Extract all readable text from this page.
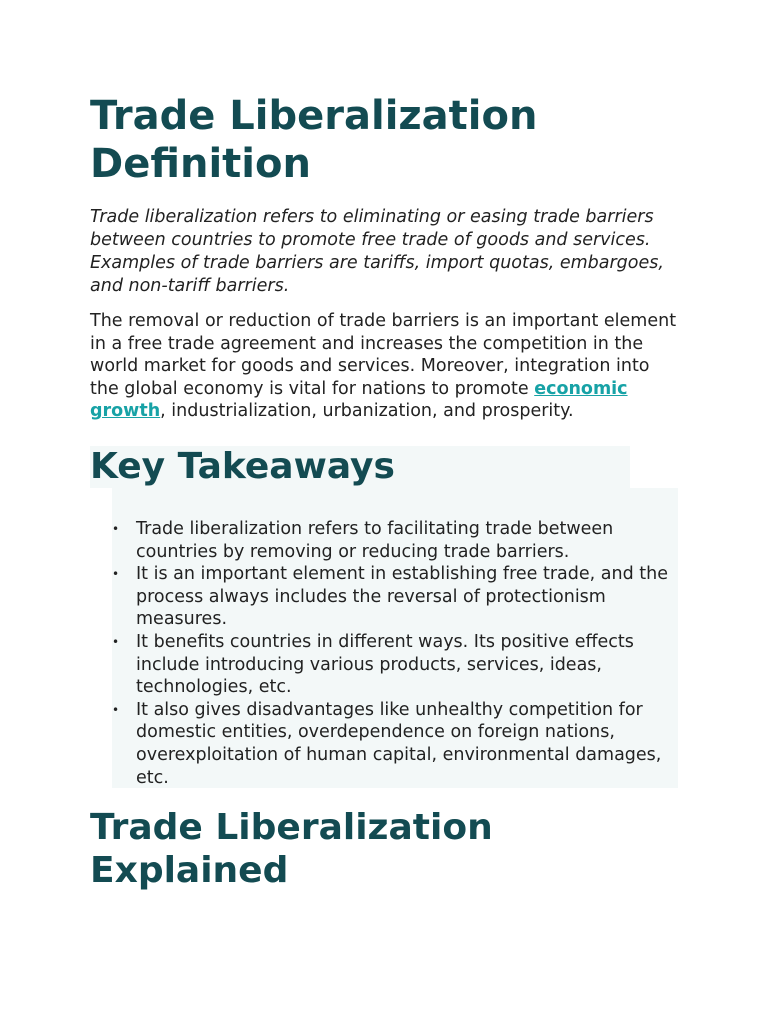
Trade Liberalization
Definition

Trade liberalization refers to eliminating or easing trade barriers between countries to promote free trade of goods and services. Examples of trade barriers are tariffs, import quotas, embargoes, and non-tariff barriers.

The removal or reduction of trade barriers is an important element in a free trade agreement and increases the competition in the world market for goods and services. Moreover, integration into the global economy is vital for nations to promote economic growth, industrialization, urbanization, and prosperity.

Key Takeaways
• Trade liberalization refers to facilitating trade between countries by removing or reducing trade barriers.
• It is an important element in establishing free trade, and the process always includes the reversal of protectionism measures.
• It benefits countries in different ways. Its positive effects include introducing various products, services, ideas, technologies, etc.
• It also gives disadvantages like unhealthy competition for domestic entities, overdependence on foreign nations, overexploitation of human capital, environmental damages, etc.
Trade Liberalization
Explained
